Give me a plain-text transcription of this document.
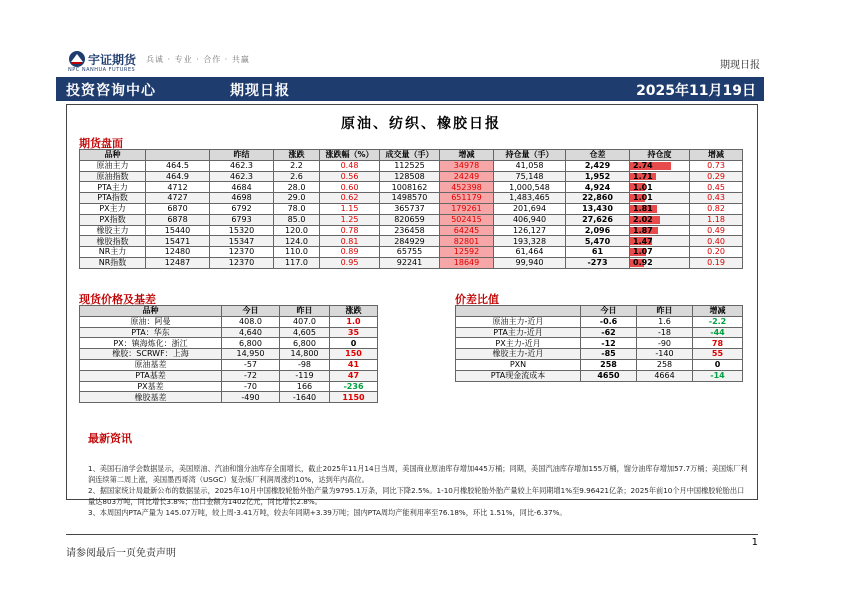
宇证期货 兵诚 · 专业 · 合作 · 共赢
NPC NANHUA FUTURES	期现日报
投资咨询中心	期现日报	2025年11月19日
原油、纺织、橡胶日报
期货盘面
品种		昨结	涨跌	涨跌幅（%）	成交量（手）	增减	持仓量（手）	仓差	持仓度	增减
原油主力	464.5	462.3	2.2	0.48	112525	34978	41,058	2,429	2.74	0.73
原油指数	464.9	462.3	2.6	0.56	128508	24249	75,148	1,952	1.71	0.29
PTA主力	4712	4684	28.0	0.60	1008162	452398	1,000,548	4,924	1.01	0.45
PTA指数	4727	4698	29.0	0.62	1498570	651179	1,483,465	22,860	1.01	0.43
PX主力	6870	6792	78.0	1.15	365737	179261	201,694	13,430	1.81	0.82
PX指数	6878	6793	85.0	1.25	820659	502415	406,940	27,626	2.02	1.18
橡胶主力	15440	15320	120.0	0.78	236458	64245	126,127	2,096	1.87	0.49
橡胶指数	15471	15347	124.0	0.81	284929	82801	193,328	5,470	1.47	0.40
NR主力	12480	12370	110.0	0.89	65755	12592	61,464	61	1.07	0.20
NR指数	12487	12370	117.0	0.95	92241	18649	99,940	-273	0.92	0.19
现货价格及基差
品种	今日	昨日	涨跌
原油：阿曼	408.0	407.0	1.0
PTA：华东	4,640	4,605	35
PX：镇海炼化：浙江	6,800	6,800	0
橡胶：SCRWF：上海	14,950	14,800	150
原油基差	-57	-98	41
PTA基差	-72	-119	47
PX基差	-70	166	-236
橡胶基差	-490	-1640	1150
价差比值
	今日	昨日	增减
原油主力-近月	-0.6	1.6	-2.2
PTA主力-近月	-62	-18	-44
PX主力-近月	-12	-90	78
橡胶主力-近月	-85	-140	55
PXN	258	258	0
PTA现金流成本	4650	4664	-14
最新资讯

1、美国石油学会数据显示，美国原油、汽油和馏分油库存全面增长，截止2025年11月14日当周，美国商业原油库存增加445万桶；同期，美国汽油库存增加155万桶，馏分油库存增加57.7万桶；美国炼厂利润连续第二周上涨，美国墨西哥湾（USGC）复杂炼厂利润周涨约10%，达到年内高位。

2、据国家统计局最新公布的数据显示，2025年10月中国橡胶轮胎外胎产量为9795.1万条，同比下降2.5%。1-10月橡胶轮胎外胎产量较上年同期增1%至9.96421亿条；2025年前10个月中国橡胶轮胎出口量达803万吨，同比增长3.8%；出口金额为1402亿元，同比增长2.8%。

3、本周国内PTA产量为 145.07万吨，较上周-3.41万吨，较去年同期+3.39万吨；国内PTA周均产能利用率至76.18%，环比 1.51%，同比-6.37%。

1
请参阅最后一页免责声明
